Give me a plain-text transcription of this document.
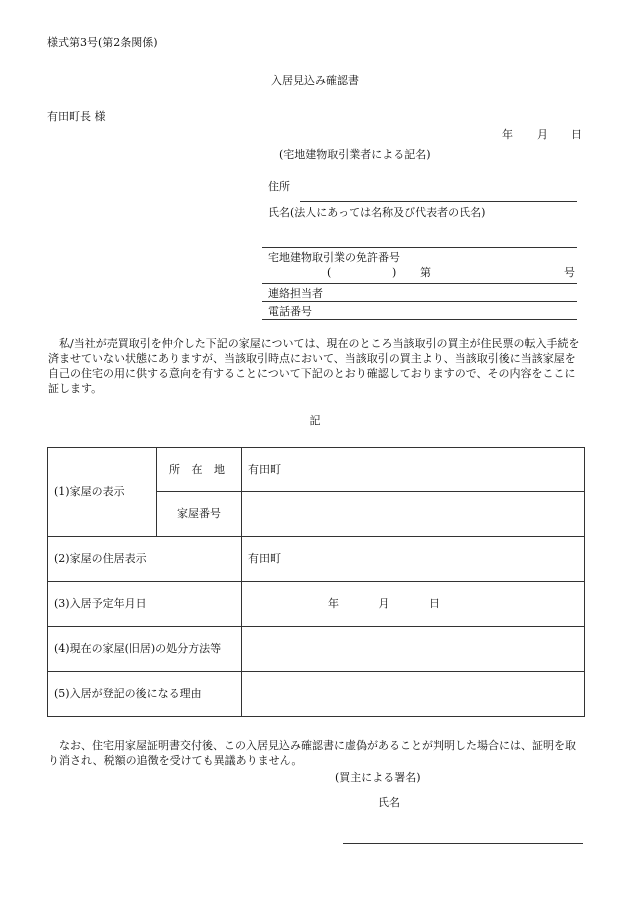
様式第3号(第2条関係)
入居見込み確認書
有田町長 様
年 月 日
(宅地建物取引業者による記名)
住所
氏名(法人にあっては名称及び代表者の氏名)
宅地建物取引業の免許番号
(	) 第	号
連絡担当者
電話番号
私/当社が売買取引を仲介した下記の家屋については、現在のところ当該取引の買主が住民票の転入手続を済ませていない状態にありますが、当該取引時点において、当該取引の買主より、当該取引後に当該家屋を自己の住宅の用に供する意向を有することについて下記のとおり確認しておりますので、その内容をここに証します。
記
(1)家屋の表示	所 在 地	有田町
	家屋番号	
(2)家屋の住居表示		有田町
(3)入居予定年月日		年 月 日
(4)現在の家屋(旧居)の処分方法等		
(5)入居が登記の後になる理由		
なお、住宅用家屋証明書交付後、この入居見込み確認書に虚偽があることが判明した場合には、証明を取り消され、税額の追徴を受けても異議ありません。
(買主による署名)
氏名
